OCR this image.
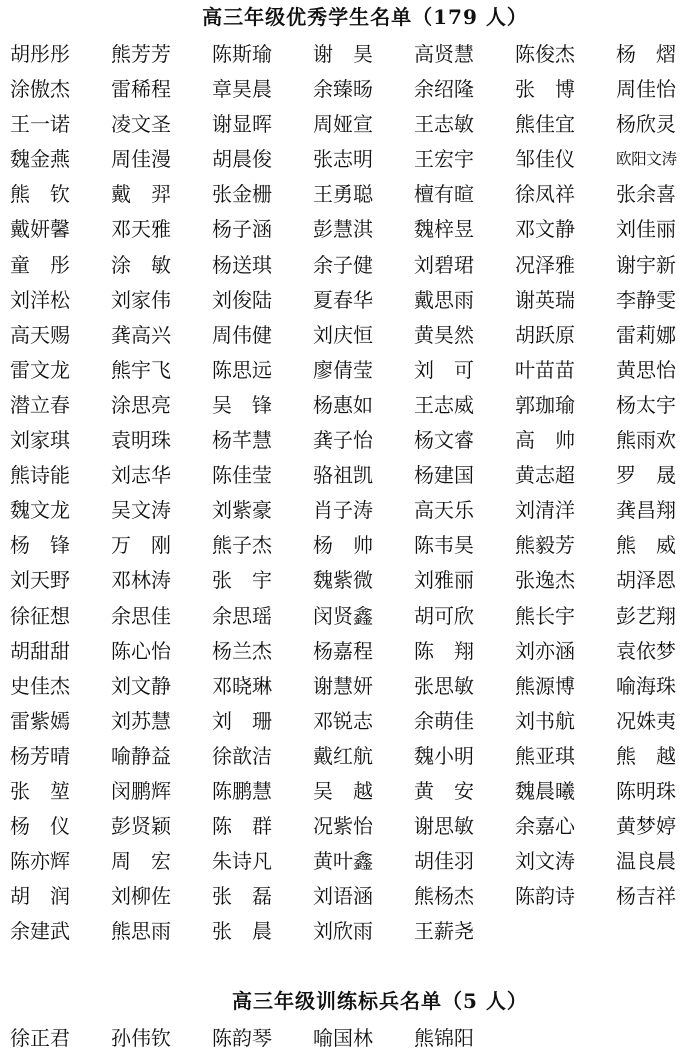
高三年级优秀学生名单（179 人）
胡彤彤	熊芳芳	陈斯瑜	谢　昊	高贤慧	陈俊杰	杨　熠
涂傲杰	雷稀程	章昊晨	余臻旸	余绍隆	张　博	周佳怡
王一诺	凌文圣	谢显晖	周娅宣	王志敏	熊佳宜	杨欣灵
魏金燕	周佳漫	胡晨俊	张志明	王宏宇	邹佳仪	欧阳文涛
熊　钦	戴　羿	张金栅	王勇聪	檀有暄	徐凤祥	张余喜
戴妍馨	邓天雅	杨子涵	彭慧淇	魏梓昱	邓文静	刘佳丽
童　彤	涂　敏	杨送琪	余子健	刘碧珺	况泽雅	谢宇新
刘洋松	刘家伟	刘俊陆	夏春华	戴思雨	谢英瑞	李静雯
高天赐	龚高兴	周伟健	刘庆恒	黄昊然	胡跃原	雷莉娜
雷文龙	熊宇飞	陈思远	廖倩莹	刘　可	叶苗苗	黄思怡
潜立春	涂思亮	吴　锋	杨惠如	王志威	郭珈瑜	杨太宇
刘家琪	袁明珠	杨芊慧	龚子怡	杨文睿	高　帅	熊雨欢
熊诗能	刘志华	陈佳莹	骆祖凯	杨建国	黄志超	罗　晟
魏文龙	吴文涛	刘紫豪	肖子涛	高天乐	刘清洋	龚昌翔
杨　锋	万　刚	熊子杰	杨　帅	陈韦昊	熊毅芳	熊　威
刘天野	邓林涛	张　宇	魏紫微	刘雅丽	张逸杰	胡泽恩
徐征想	余思佳	余思瑶	闵贤鑫	胡可欣	熊长宇	彭艺翔
胡甜甜	陈心怡	杨兰杰	杨嘉程	陈　翔	刘亦涵	袁依梦
史佳杰	刘文静	邓晓琳	谢慧妍	张思敏	熊源博	喻海珠
雷紫嫣	刘苏慧	刘　珊	邓锐志	余萌佳	刘书航	况姝夷
杨芳晴	喻静益	徐歆洁	戴红航	魏小明	熊亚琪	熊　越
张　堃	闵鹏辉	陈鹏慧	吴　越	黄　安	魏晨曦	陈明珠
杨　仪	彭贤颖	陈　群	况紫怡	谢思敏	余嘉心	黄梦婷
陈亦辉	周　宏	朱诗凡	黄叶鑫	胡佳羽	刘文涛	温良晨
胡　润	刘柳佐	张　磊	刘语涵	熊杨杰	陈韵诗	杨吉祥
余建武	熊思雨	张　晨	刘欣雨	王薪尧
高三年级训练标兵名单（5 人）
徐正君	孙伟钦	陈韵琴	喻国林	熊锦阳
